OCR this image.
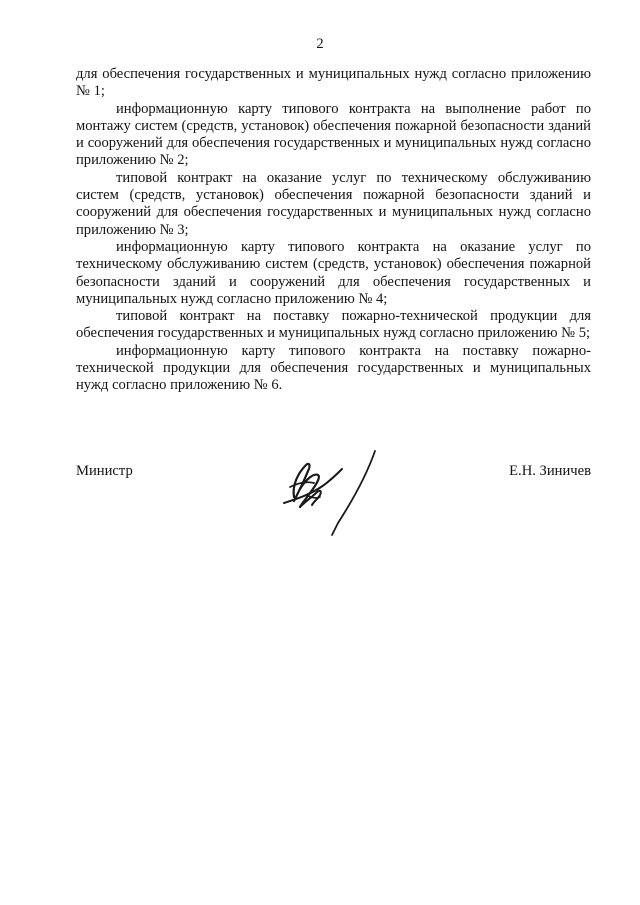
2

для обеспечения государственных и муниципальных нужд согласно приложению № 1;

информационную карту типового контракта на выполнение работ по монтажу систем (средств, установок) обеспечения пожарной безопасности зданий и сооружений для обеспечения государственных и муниципальных нужд согласно приложению № 2;

типовой контракт на оказание услуг по техническому обслуживанию систем (средств, установок) обеспечения пожарной безопасности зданий и сооружений для обеспечения государственных и муниципальных нужд согласно приложению № 3;

информационную карту типового контракта на оказание услуг по техническому обслуживанию систем (средств, установок) обеспечения пожарной безопасности зданий и сооружений для обеспечения государственных и муниципальных нужд согласно приложению № 4;

типовой контракт на поставку пожарно-технической продукции для обеспечения государственных и муниципальных нужд согласно приложению № 5;

информационную карту типового контракта на поставку пожарно-технической продукции для обеспечения государственных и муниципальных нужд согласно приложению № 6.

Министр	Е.Н. Зиничев
